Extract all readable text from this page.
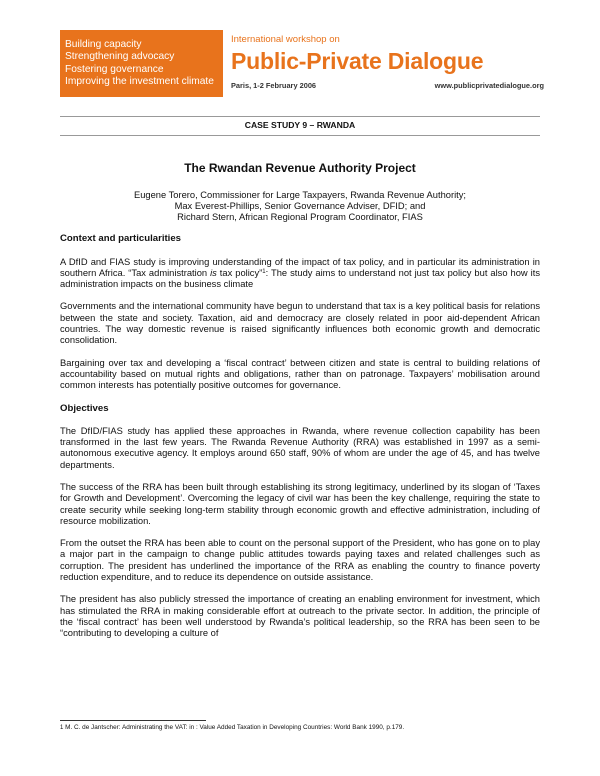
Building capacity
Strengthening advocacy
Fostering governance
Improving the investment climate
International workshop on
Public-Private Dialogue
Paris, 1-2 February 2006	www.publicprivatedialogue.org
CASE STUDY 9 – RWANDA
The Rwandan Revenue Authority Project
Eugene Torero, Commissioner for Large Taxpayers, Rwanda Revenue Authority;
Max Everest-Phillips, Senior Governance Adviser, DFID; and
Richard Stern, African Regional Program Coordinator, FIAS
Context and particularities

A DfID and FIAS study is improving understanding of the impact of tax policy, and in particular its administration in southern Africa. “Tax administration is tax policy”$^1$: The study aims to understand not just tax policy but also how its administration impacts on the business climate

Governments and the international community have begun to understand that tax is a key political basis for relations between the state and society. Taxation, aid and democracy are closely related in poor aid-dependent African countries. The way domestic revenue is raised significantly influences both economic growth and democratic consolidation.

Bargaining over tax and developing a ‘fiscal contract’ between citizen and state is central to building relations of accountability based on mutual rights and obligations, rather than on patronage. Taxpayers’ mobilisation around common interests has potentially positive outcomes for governance.

Objectives

The DfID/FIAS study has applied these approaches in Rwanda, where revenue collection capability has been transformed in the last few years. The Rwanda Revenue Authority (RRA) was established in 1997 as a semi-autonomous executive agency. It employs around 650 staff, 90% of whom are under the age of 45, and has twelve departments.

The success of the RRA has been built through establishing its strong legitimacy, underlined by its slogan of ‘Taxes for Growth and Development’. Overcoming the legacy of civil war has been the key challenge, requiring the state to create security while seeking long-term stability through economic growth and effective administration, including of resource mobilization.

From the outset the RRA has been able to count on the personal support of the President, who has gone on to play a major part in the campaign to change public attitudes towards paying taxes and related challenges such as corruption. The president has underlined the importance of the RRA as enabling the country to finance poverty reduction expenditure, and to reduce its dependence on outside assistance.

The president has also publicly stressed the importance of creating an enabling environment for investment, which has stimulated the RRA in making considerable effort at outreach to the private sector. In addition, the principle of the ‘fiscal contract’ has been well understood by Rwanda’s political leadership, so the RRA has been seen to be “contributing to developing a culture of

$^1$ M. C. de Jantscher: Administrating the VAT: in : Value Added Taxation in Developing Countries: World Bank 1990, p.179.
